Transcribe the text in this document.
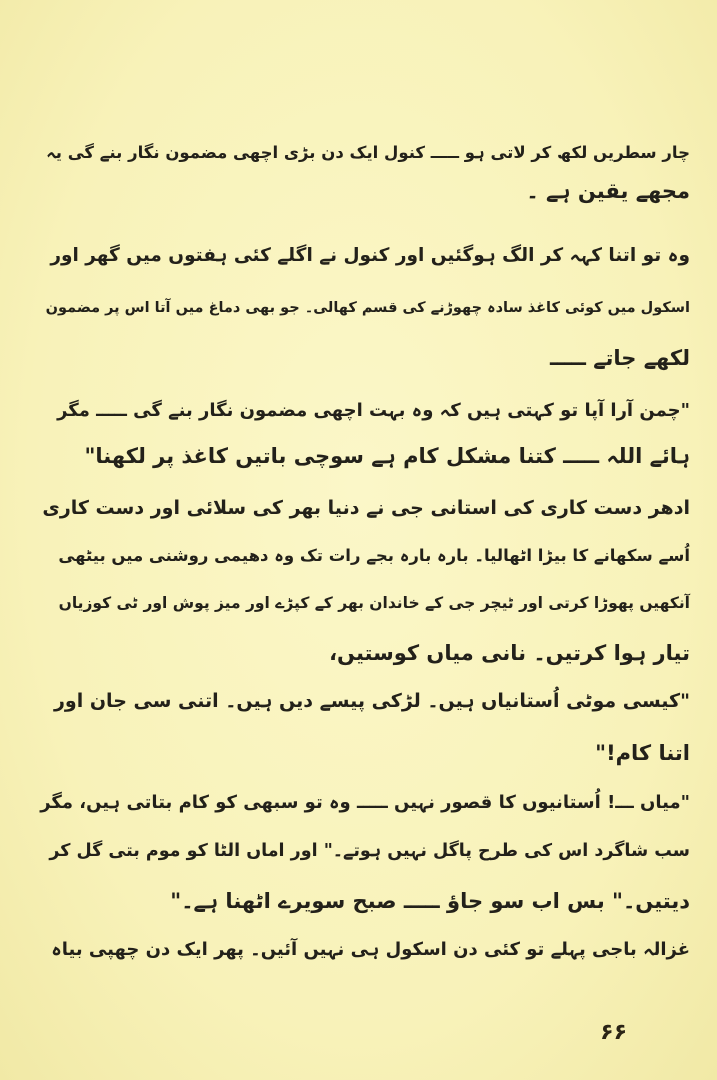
چار سطریں لکھ کر لاتی ہو ـــــ کنول ایک دن بڑی اچھی مضمون نگار بنے گی یہ
مجھے یقین ہے ۔
وہ تو اتنا کہہ کر الگ ہوگئیں اور کنول نے اگلے کئی ہفتوں میں گھر اور
اسکول میں کوئی کاغذ سادہ چھوڑنے کی قسم کھالی۔ جو بھی دماغ میں آتا اس پر مضمون
لکھے جاتے ـــــ
"چمن آرا آپا تو کہتی ہیں کہ وہ بہت اچھی مضمون نگار بنے گی ـــــ مگر
ہائے اللہ ـــــ کتنا مشکل کام ہے سوچی باتیں کاغذ پر لکھنا"
ادھر دست کاری کی استانی جی نے دنیا بھر کی سلائی اور دست کاری
اُسے سکھانے کا بیڑا اٹھالیا۔ بارہ بارہ بجے رات تک وہ دھیمی روشنی میں بیٹھی
آنکھیں پھوڑا کرتی اور ٹیچر جی کے خاندان بھر کے کپڑے اور میز پوش اور ٹی کوزیاں
تیار ہوا کرتیں۔ نانی میاں کوستیں،
"کیسی موٹی اُستانیاں ہیں۔ لڑکی پیسے دیں ہیں۔ اتنی سی جان اور
اتنا کام!"
"میاں ـــ! اُستانیوں کا قصور نہیں ـــــ وہ تو سبھی کو کام بتاتی ہیں، مگر
سب شاگرد اس کی طرح پاگل نہیں ہوتے۔" اور اماں الٹا کو موم بتی گل کر
دیتیں۔" بس اب سو جاؤ ـــــ صبح سویرے اٹھنا ہے۔"
غزالہ باجی پہلے تو کئی دن اسکول ہی نہیں آئیں۔ پھر ایک دن چھپی بیاہ
۶۶
